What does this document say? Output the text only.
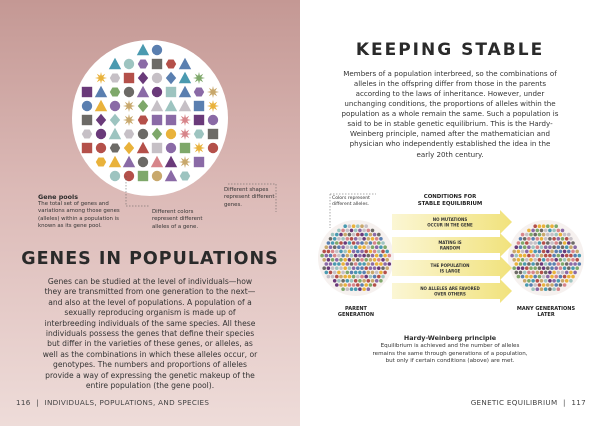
Gene pools
The total set of genes and variations among those genes (alleles) within a population is known as its gene pool.
Different colors represent different alleles of a gene.
Different shapes represent different genes.
GENES IN POPULATIONS
Genes can be studied at the level of individuals—how they are transmitted from one generation to the next—and also at the level of populations. A population of a sexually reproducing organism is made up of interbreeding individuals of the same species. All these individuals possess the genes that define their species but differ in the varieties of these genes, or alleles, as well as the combinations in which these alleles occur, or genotypes. The numbers and proportions of alleles provide a way of expressing the genetic makeup of the entire population (the gene pool).
116 | INDIVIDUALS, POPULATIONS, AND SPECIES
KEEPING STABLE
Members of a population interbreed, so the combinations of alleles in the offspring differ from those in the parents according to the laws of inheritance. However, under unchanging conditions, the proportions of alleles within the population as a whole remain the same. Such a population is said to be in stable genetic equilibrium. This is the Hardy-Weinberg principle, named after the mathematician and physician who independently established the idea in the early 20th century.
Colors represent
different alleles.
CONDITIONS FOR
STABLE EQUILIBRIUM
NO MUTATIONS
OCCUR IN THE GENE
MATING IS
RANDOM
THE POPULATION
IS LARGE
NO ALLELES ARE FAVORED
OVER OTHERS
PARENT
GENERATION
MANY GENERATIONS
LATER
Hardy-Weinberg principle
Equilibrium is achieved and the number of alleles remains the same through generations of a population, but only if certain conditions (above) are met.
GENETIC EQUILIBRIUM | 117
